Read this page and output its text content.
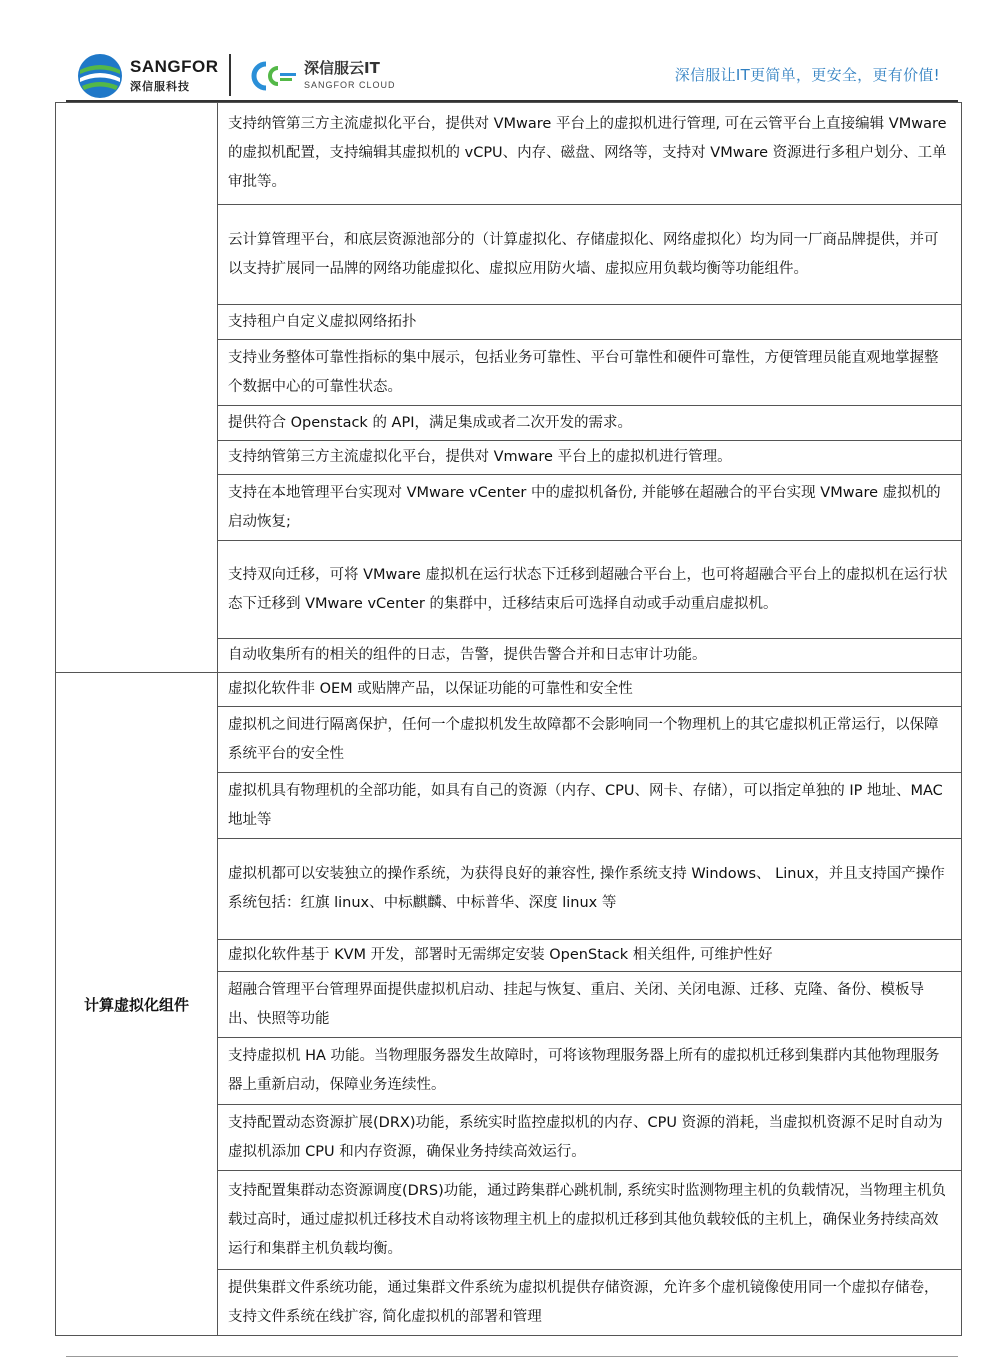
SANGFOR
深信服科技
深信服云IT
SANGFOR CLOUD
深信服让IT更简单，更安全，更有价值!
	支持纳管第三方主流虚拟化平台，提供对 VMware 平台上的虚拟机进行管理, 可在云管平台上直接编辑 VMware 的虚拟机配置，支持编辑其虚拟机的 vCPU、内存、磁盘、网络等，支持对 VMware 资源进行多租户划分、工单审批等。
	云计算管理平台，和底层资源池部分的（计算虚拟化、存储虚拟化、网络虚拟化）均为同一厂商品牌提供，并可以支持扩展同一品牌的网络功能虚拟化、虚拟应用防火墙、虚拟应用负载均衡等功能组件。
	支持租户自定义虚拟网络拓扑
	支持业务整体可靠性指标的集中展示，包括业务可靠性、平台可靠性和硬件可靠性，方便管理员能直观地掌握整个数据中心的可靠性状态。
	提供符合 Openstack 的 API，满足集成或者二次开发的需求。
	支持纳管第三方主流虚拟化平台，提供对 Vmware 平台上的虚拟机进行管理。
	支持在本地管理平台实现对 VMware vCenter 中的虚拟机备份, 并能够在超融合的平台实现 VMware 虚拟机的启动恢复;
	支持双向迁移，可将 VMware 虚拟机在运行状态下迁移到超融合平台上，也可将超融合平台上的虚拟机在运行状态下迁移到 VMware vCenter 的集群中，迁移结束后可选择自动或手动重启虚拟机。
	自动收集所有的相关的组件的日志，告警，提供告警合并和日志审计功能。
计算虚拟化组件	虚拟化软件非 OEM 或贴牌产品，以保证功能的可靠性和安全性
	虚拟机之间进行隔离保护，任何一个虚拟机发生故障都不会影响同一个物理机上的其它虚拟机正常运行，以保障系统平台的安全性
	虚拟机具有物理机的全部功能，如具有自己的资源（内存、CPU、网卡、存储），可以指定单独的 IP 地址、MAC 地址等
	虚拟机都可以安装独立的操作系统，为获得良好的兼容性, 操作系统支持 Windows、 Linux，并且支持国产操作系统包括：红旗 linux、中标麒麟、中标普华、深度 linux 等
	虚拟化软件基于 KVM 开发，部署时无需绑定安装 OpenStack 相关组件, 可维护性好
	超融合管理平台管理界面提供虚拟机启动、挂起与恢复、重启、关闭、关闭电源、迁移、克隆、备份、模板导出、快照等功能
	支持虚拟机 HA 功能。当物理服务器发生故障时，可将该物理服务器上所有的虚拟机迁移到集群内其他物理服务器上重新启动，保障业务连续性。
	支持配置动态资源扩展(DRX)功能，系统实时监控虚拟机的内存、CPU 资源的消耗，当虚拟机资源不足时自动为虚拟机添加 CPU 和内存资源，确保业务持续高效运行。
	支持配置集群动态资源调度(DRS)功能，通过跨集群心跳机制, 系统实时监测物理主机的负载情况，当物理主机负载过高时，通过虚拟机迁移技术自动将该物理主机上的虚拟机迁移到其他负载较低的主机上，确保业务持续高效运行和集群主机负载均衡。
	提供集群文件系统功能，通过集群文件系统为虚拟机提供存储资源，允许多个虚机镜像使用同一个虚拟存储卷，支持文件系统在线扩容, 简化虚拟机的部署和管理
